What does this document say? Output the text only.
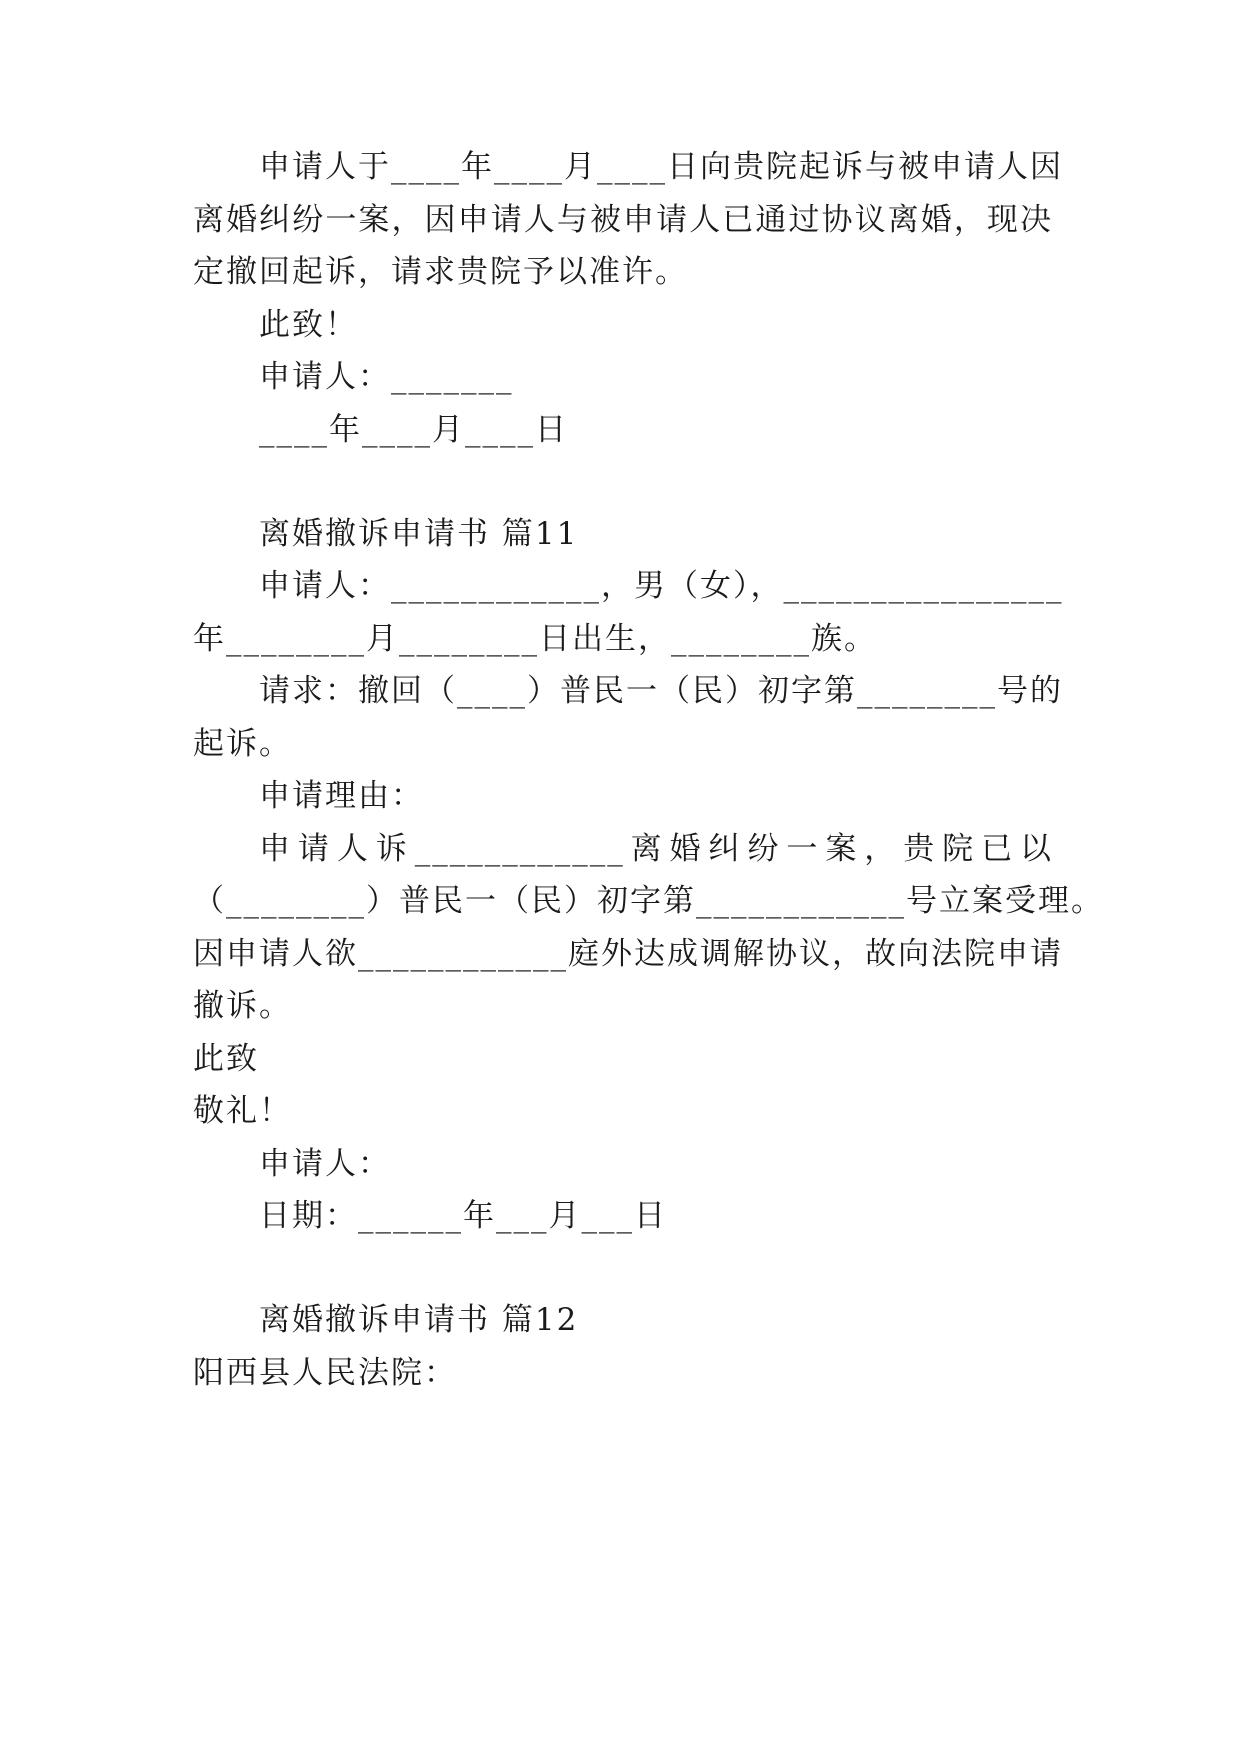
申请人于____年____月____日向贵院起诉与被申请人因
离婚纠纷一案，因申请人与被申请人已通过协议离婚，现决
定撤回起诉，请求贵院予以准许。
此致！
申请人：_______
____年____月____日
离婚撤诉申请书 篇11
申请人：____________，男（女），________________
年________月________日出生，________族。
请求：撤回（____）普民一（民）初字第________号的
起诉。
申请理由：
申请人诉____________离婚纠纷一案，贵院已以
（________）普民一（民）初字第____________号立案受理。
因申请人欲____________庭外达成调解协议，故向法院申请
撤诉。
此致
敬礼！
申请人：
日期：______年___月___日
离婚撤诉申请书 篇12
阳西县人民法院：
